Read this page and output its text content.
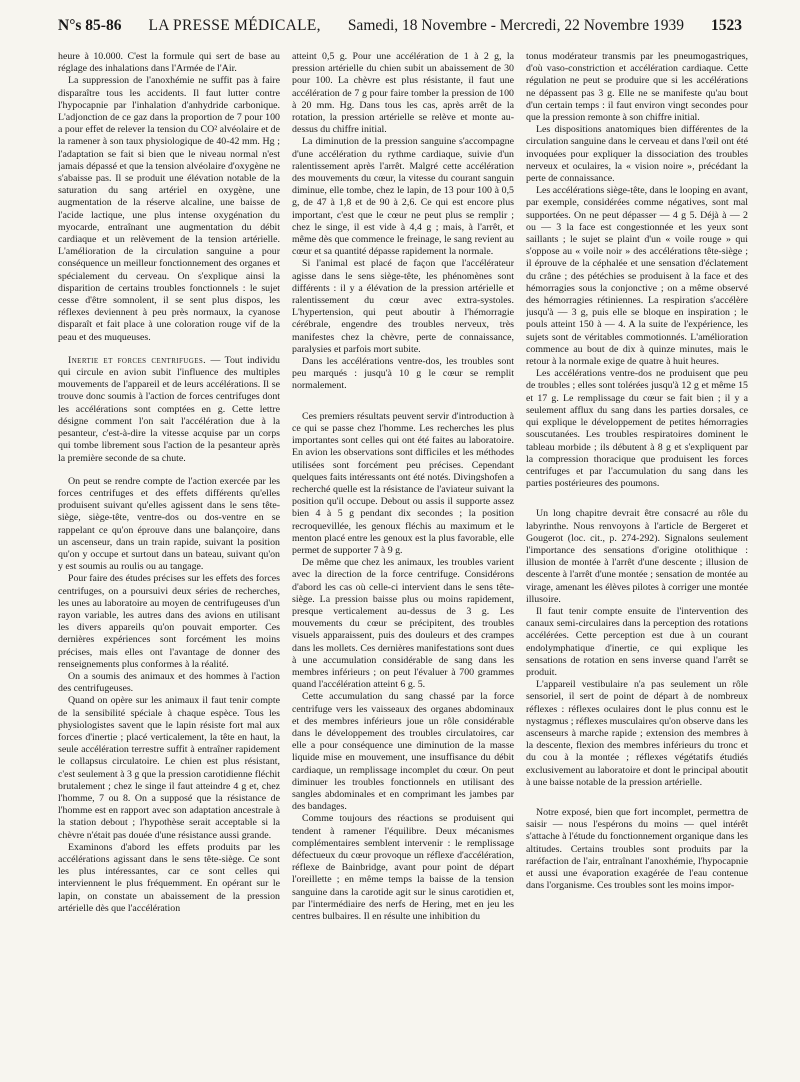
N°s 85-86 LA PRESSE MÉDICALE, Samedi, 18 Novembre - Mercredi, 22 Novembre 1939 1523

heure à 10.000. C'est la formule qui sert de base au réglage des inhalations dans l'Armée de l'Air.

La suppression de l'anoxhémie ne suffit pas à faire disparaître tous les accidents. Il faut lutter contre l'hypocapnie par l'inhalation d'anhydride carbonique. L'adjonction de ce gaz dans la proportion de 7 pour 100 a pour effet de relever la tension du CO² alvéolaire et de la ramener à son taux physiologique de 40-42 mm. Hg ; l'adaptation se fait si bien que le niveau normal n'est jamais dépassé et que la tension alvéolaire d'oxygène ne s'abaisse pas. Il se produit une élévation notable de la saturation du sang artériel en oxygène, une augmentation de la réserve alcaline, une baisse de l'acide lactique, une plus intense oxygénation du myocarde, entraînant une augmentation du débit cardiaque et un relèvement de la tension artérielle. L'amélioration de la circulation sanguine a pour conséquence un meilleur fonctionnement des organes et spécialement du cerveau. On s'explique ainsi la disparition de certains troubles fonctionnels : le sujet cesse d'être somnolent, il se sent plus dispos, les réflexes deviennent à peu près normaux, la cyanose disparaît et fait place à une coloration rouge vif de la peau et des muqueuses.

Inertie et forces centrifuges. — Tout individu qui circule en avion subit l'influence des multiples mouvements de l'appareil et de leurs accélérations. Il se trouve donc soumis à l'action de forces centrifuges dont les accélérations sont comptées en g. Cette lettre désigne comment l'on sait l'accélération due à la pesanteur, c'est-à-dire la vitesse acquise par un corps qui tombe librement sous l'action de la pesanteur après la première seconde de sa chute.

On peut se rendre compte de l'action exercée par les forces centrifuges et des effets différents qu'elles produisent suivant qu'elles agissent dans le sens tête-siège, siège-tête, ventre-dos ou dos-ventre en se rappelant ce qu'on éprouve dans une balançoire, dans un ascenseur, dans un train rapide, suivant la position qu'on y occupe et surtout dans un bateau, suivant qu'on y est soumis au roulis ou au tangage.

Pour faire des études précises sur les effets des forces centrifuges, on a poursuivi deux séries de recherches, les unes au laboratoire au moyen de centrifugeuses d'un rayon variable, les autres dans des avions en utilisant les divers appareils qu'on pouvait emporter. Ces dernières expériences sont forcément les moins précises, mais elles ont l'avantage de donner des renseignements plus conformes à la réalité.

On a soumis des animaux et des hommes à l'action des centrifugeuses.

Quand on opère sur les animaux il faut tenir compte de la sensibilité spéciale à chaque espèce. Tous les physiologistes savent que le lapin résiste fort mal aux forces d'inertie ; placé verticalement, la tête en haut, la seule accélération terrestre suffit à entraîner rapidement le collapsus circulatoire. Le chien est plus résistant, c'est seulement à 3 g que la pression carotidienne fléchit brutalement ; chez le singe il faut atteindre 4 g et, chez l'homme, 7 ou 8. On a supposé que la résistance de l'homme est en rapport avec son adaptation ancestrale à la station debout ; l'hypothèse serait acceptable si la chèvre n'était pas douée d'une résistance aussi grande.

Examinons d'abord les effets produits par les accélérations agissant dans le sens tête-siège. Ce sont les plus intéressantes, car ce sont celles qui interviennent le plus fréquemment. En opérant sur le lapin, on constate un abaissement de la pression artérielle dès que l'accélération

atteint 0,5 g. Pour une accélération de 1 à 2 g, la pression artérielle du chien subit un abaissement de 30 pour 100. La chèvre est plus résistante, il faut une accélération de 7 g pour faire tomber la pression de 100 à 20 mm. Hg. Dans tous les cas, après arrêt de la rotation, la pression artérielle se relève et monte au-dessus du chiffre initial.

La diminution de la pression sanguine s'accompagne d'une accélération du rythme cardiaque, suivie d'un ralentissement après l'arrêt. Malgré cette accélération des mouvements du cœur, la vitesse du courant sanguin diminue, elle tombe, chez le lapin, de 13 pour 100 à 0,5 g, de 47 à 1,8 et de 90 à 2,6. Ce qui est encore plus important, c'est que le cœur ne peut plus se remplir ; chez le singe, il est vide à 4,4 g ; mais, à l'arrêt, et même dès que commence le freinage, le sang revient au cœur et sa quantité dépasse rapidement la normale.

Si l'animal est placé de façon que l'accélérateur agisse dans le sens siège-tête, les phénomènes sont différents : il y a élévation de la pression artérielle et ralentissement du cœur avec extra-systoles. L'hypertension, qui peut aboutir à l'hémorragie cérébrale, engendre des troubles nerveux, très manifestes chez la chèvre, perte de connaissance, paralysies et parfois mort subite.

Dans les accélérations ventre-dos, les troubles sont peu marqués : jusqu'à 10 g le cœur se remplit normalement.

Ces premiers résultats peuvent servir d'introduction à ce qui se passe chez l'homme. Les recherches les plus importantes sont celles qui ont été faites au laboratoire. En avion les observations sont difficiles et les méthodes utilisées sont forcément peu précises. Cependant quelques faits intéressants ont été notés. Divingshofen a recherché quelle est la résistance de l'aviateur suivant la position qu'il occupe. Debout ou assis il supporte assez bien 4 à 5 g pendant dix secondes ; la position recroquevillée, les genoux fléchis au maximum et le menton placé entre les genoux est la plus favorable, elle permet de supporter 7 à 9 g.

De même que chez les animaux, les troubles varient avec la direction de la force centrifuge. Considérons d'abord les cas où celle-ci intervient dans le sens tête-siège. La pression baisse plus ou moins rapidement, presque verticalement au-dessus de 3 g. Les mouvements du cœur se précipitent, des troubles visuels apparaissent, puis des douleurs et des crampes dans les mollets. Ces dernières manifestations sont dues à une accumulation considérable de sang dans les membres inférieurs ; on peut l'évaluer à 700 grammes quand l'accélération atteint 6 g. 5.

Cette accumulation du sang chassé par la force centrifuge vers les vaisseaux des organes abdominaux et des membres inférieurs joue un rôle considérable dans le développement des troubles circulatoires, car elle a pour conséquence une diminution de la masse liquide mise en mouvement, une insuffisance du débit cardiaque, un remplissage incomplet du cœur. On peut diminuer les troubles fonctionnels en utilisant des sangles abdominales et en comprimant les jambes par des bandages.

Comme toujours des réactions se produisent qui tendent à ramener l'équilibre. Deux mécanismes complémentaires semblent intervenir : le remplissage défectueux du cœur provoque un réflexe d'accélération, réflexe de Bainbridge, avant pour point de départ l'oreillette ; en même temps la baisse de la tension sanguine dans la carotide agit sur le sinus carotidien et, par l'intermédiaire des nerfs de Hering, met en jeu les centres bulbaires. Il en résulte une inhibition du

tonus modérateur transmis par les pneumogastriques, d'où vaso-constriction et accélération cardiaque. Cette régulation ne peut se produire que si les accélérations ne dépassent pas 3 g. Elle ne se manifeste qu'au bout d'un certain temps : il faut environ vingt secondes pour que la pression remonte à son chiffre initial.

Les dispositions anatomiques bien différentes de la circulation sanguine dans le cerveau et dans l'œil ont été invoquées pour expliquer la dissociation des troubles nerveux et oculaires, la « vision noire », précédant la perte de connaissance.

Les accélérations siège-tête, dans le looping en avant, par exemple, considérées comme négatives, sont mal supportées. On ne peut dépasser — 4 g 5. Déjà à — 2 ou — 3 la face est congestionnée et les yeux sont saillants ; le sujet se plaint d'un « voile rouge » qui s'oppose au « voile noir » des accélérations tête-siège ; il éprouve de la céphalée et une sensation d'éclatement du crâne ; des pétéchies se produisent à la face et des hémorragies sous la conjonctive ; on a même observé des hémorragies rétiniennes. La respiration s'accélère jusqu'à — 3 g, puis elle se bloque en inspiration ; le pouls atteint 150 à — 4. A la suite de l'expérience, les sujets sont de véritables commotionnés. L'amélioration commence au bout de dix à quinze minutes, mais le retour à la normale exige de quatre à huit heures.

Les accélérations ventre-dos ne produisent que peu de troubles ; elles sont tolérées jusqu'à 12 g et même 15 et 17 g. Le remplissage du cœur se fait bien ; il y a seulement afflux du sang dans les parties dorsales, ce qui explique le développement de petites hémorragies souscutanées. Les troubles respiratoires dominent le tableau morbide ; ils débutent à 8 g et s'expliquent par la compression thoracique que produisent les forces centrifuges et par l'accumulation du sang dans les parties postérieures des poumons.

Un long chapitre devrait être consacré au rôle du labyrinthe. Nous renvoyons à l'article de Bergeret et Gougerot (loc. cit., p. 274-292). Signalons seulement l'importance des sensations d'origine otolithique : illusion de montée à l'arrêt d'une descente ; illusion de descente à l'arrêt d'une montée ; sensation de montée au virage, amenant les élèves pilotes à corriger une montée illusoire.

Il faut tenir compte ensuite de l'intervention des canaux semi-circulaires dans la perception des rotations accélérées. Cette perception est due à un courant endolymphatique d'inertie, ce qui explique les sensations de rotation en sens inverse quand l'arrêt se produit.

L'appareil vestibulaire n'a pas seulement un rôle sensoriel, il sert de point de départ à de nombreux réflexes : réflexes oculaires dont le plus connu est le nystagmus ; réflexes musculaires qu'on observe dans les ascenseurs à marche rapide ; extension des membres à la descente, flexion des membres inférieurs du tronc et du cou à la montée ; réflexes végétatifs étudiés exclusivement au laboratoire et dont le principal aboutit à une baisse notable de la pression artérielle.

Notre exposé, bien que fort incomplet, permettra de saisir — nous l'espérons du moins — quel intérêt s'attache à l'étude du fonctionnement organique dans les altitudes. Certains troubles sont produits par la raréfaction de l'air, entraînant l'anoxhémie, l'hypocapnie et aussi une évaporation exagérée de l'eau contenue dans l'organisme. Ces troubles sont les moins impor-
